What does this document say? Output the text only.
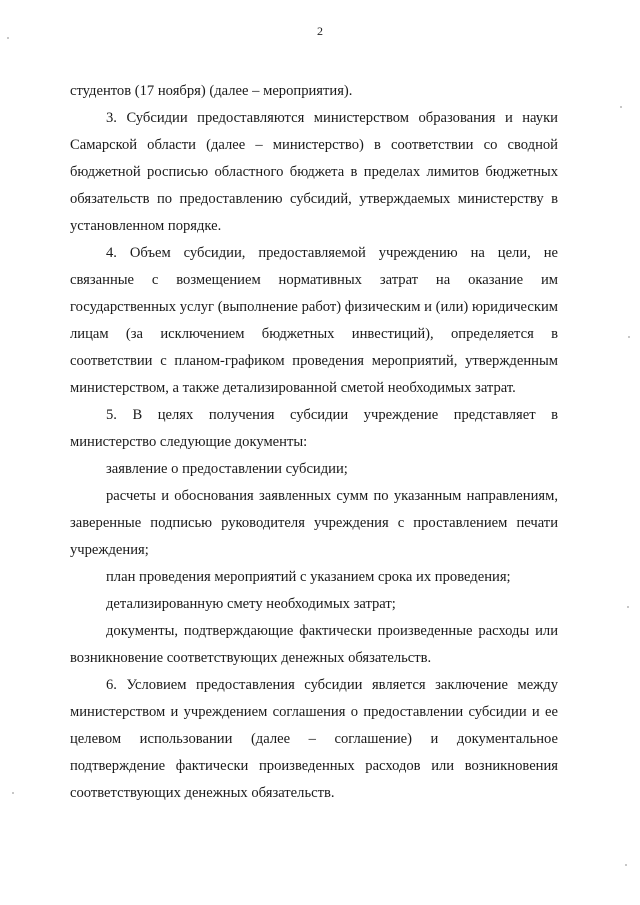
2

студентов (17 ноября) (далее – мероприятия).

3. Субсидии предоставляются министерством образования и науки Самарской области (далее – министерство) в соответствии со сводной бюджетной росписью областного бюджета в пределах лимитов бюджетных обязательств по предоставлению субсидий, утверждаемых министерству в установленном порядке.

4. Объем субсидии, предоставляемой учреждению на цели, не связанные с возмещением нормативных затрат на оказание им государственных услуг (выполнение работ) физическим и (или) юридическим лицам (за исключением бюджетных инвестиций), определяется в соответствии с планом-графиком проведения мероприятий, утвержденным министерством, а также детализированной сметой необходимых затрат.

5. В целях получения субсидии учреждение представляет в министерство следующие документы:

заявление о предоставлении субсидии;

расчеты и обоснования заявленных сумм по указанным направлениям, заверенные подписью руководителя учреждения с проставлением печати учреждения;

план проведения мероприятий с указанием срока их проведения;

детализированную смету необходимых затрат;

документы, подтверждающие фактически произведенные расходы или возникновение соответствующих денежных обязательств.

6. Условием предоставления субсидии является заключение между министерством и учреждением соглашения о предоставлении субсидии и ее целевом использовании (далее – соглашение) и документальное подтверждение фактически произведенных расходов или возникновения соответствующих денежных обязательств.
